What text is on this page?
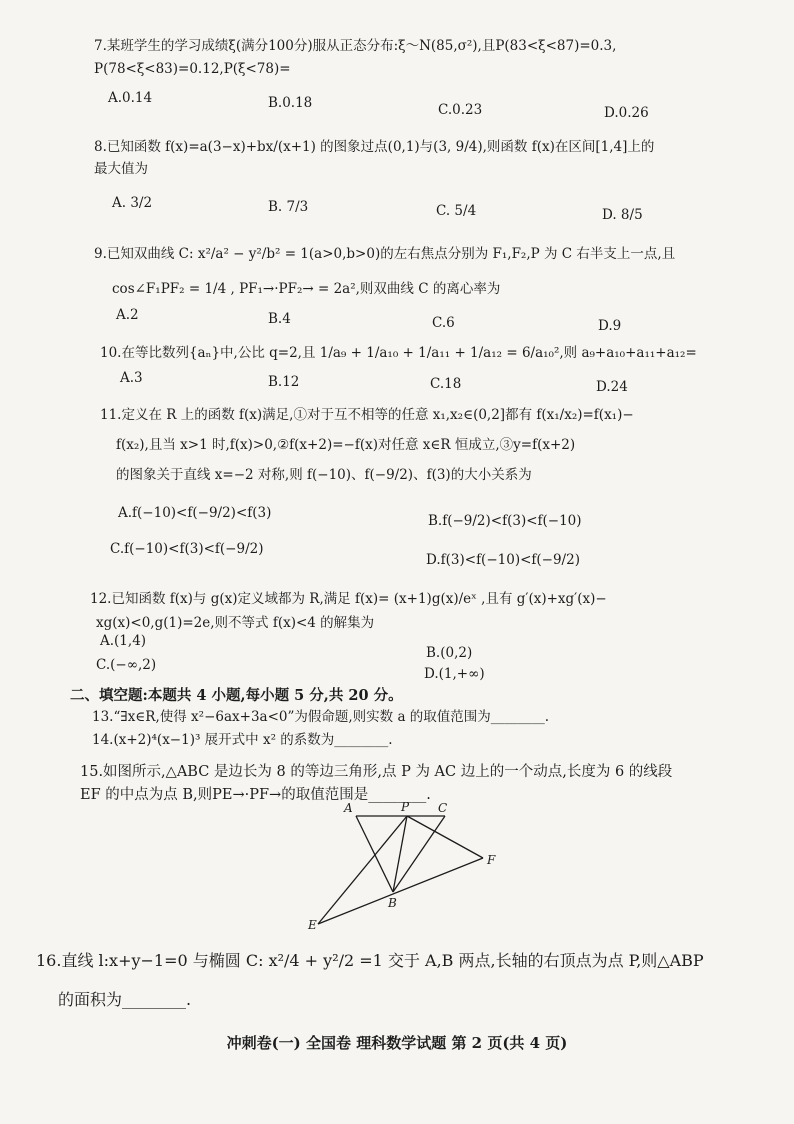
7.某班学生的学习成绩ξ(满分100分)服从正态分布:ξ～N(85,σ²),且P(83<ξ<87)=0.3,
P(78<ξ<83)=0.12,P(ξ<78)=
A.0.14	B.0.18	C.0.23	D.0.26
8.已知函数 f(x)=a(3−x)+bx/(x+1) 的图象过点(0,1)与(3, 9/4),则函数 f(x)在区间[1,4]上的
最大值为
A. 3/2	B. 7/3	C. 5/4	D. 8/5
9.已知双曲线 C: x²/a² − y²/b² = 1(a>0,b>0)的左右焦点分别为 F₁,F₂,P 为 C 右半支上一点,且
cos∠F₁PF₂ = 1/4 , PF₁→·PF₂→ = 2a²,则双曲线 C 的离心率为
A.2	B.4	C.6	D.9
10.在等比数列{aₙ}中,公比 q=2,且 1/a₉ + 1/a₁₀ + 1/a₁₁ + 1/a₁₂ = 6/a₁₀²,则 a₉+a₁₀+a₁₁+a₁₂=
A.3	B.12	C.18	D.24
11.定义在 R 上的函数 f(x)满足,①对于互不相等的任意 x₁,x₂∈(0,2]都有 f(x₁/x₂)=f(x₁)−
f(x₂),且当 x>1 时,f(x)>0,②f(x+2)=−f(x)对任意 x∈R 恒成立,③y=f(x+2)
的图象关于直线 x=−2 对称,则 f(−10)、f(−9/2)、f(3)的大小关系为
A.f(−10)<f(−9/2)<f(3)	B.f(−9/2)<f(3)<f(−10)
C.f(−10)<f(3)<f(−9/2)
D.f(3)<f(−10)<f(−9/2)
12.已知函数 f(x)与 g(x)定义域都为 R,满足 f(x)= (x+1)g(x)/eˣ ,且有 g′(x)+xg′(x)−
xg(x)<0,g(1)=2e,则不等式 f(x)<4 的解集为
A.(1,4)
B.(0,2)
C.(−∞,2)
D.(1,+∞)
二、填空题:本题共 4 小题,每小题 5 分,共 20 分。
13.“∃x∈R,使得 x²−6ax+3a<0”为假命题,则实数 a 的取值范围为________.
14.(x+2)⁴(x−1)³ 展开式中 x² 的系数为________.
15.如图所示,△ABC 是边长为 8 的等边三角形,点 P 为 AC 边上的一个动点,长度为 6 的线段
EF 的中点为点 B,则PE→·PF→的取值范围是________.
A	P C
F
B
E
16.直线 l:x+y−1=0 与椭圆 C: x²/4 + y²/2 =1 交于 A,B 两点,长轴的右顶点为点 P,则△ABP
的面积为________.
冲刺卷(一) 全国卷 理科数学试题 第 2 页(共 4 页)
